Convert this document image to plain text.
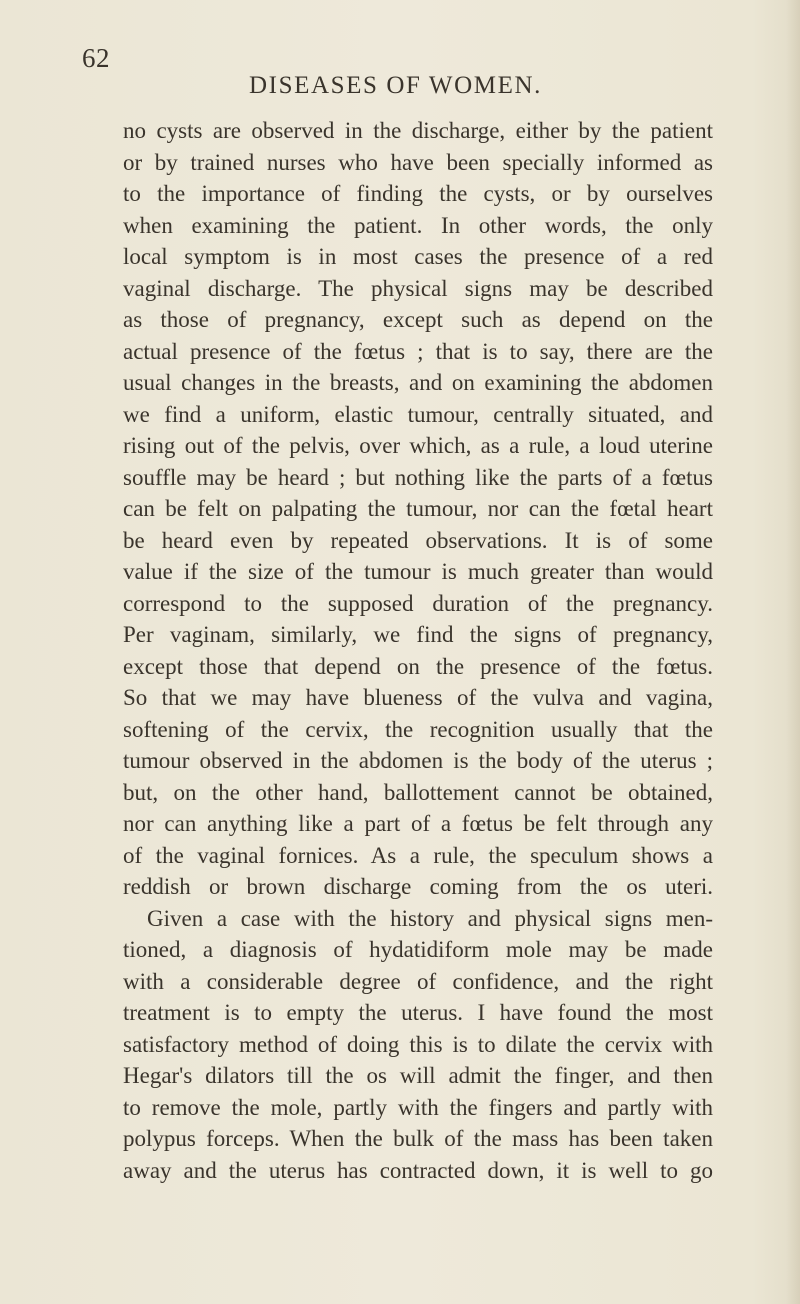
62
DISEASES OF WOMEN.
no cysts are observed in the discharge, either by the patient
or by trained nurses who have been specially informed as
to the importance of finding the cysts, or by ourselves
when examining the patient. In other words, the only
local symptom is in most cases the presence of a red
vaginal discharge. The physical signs may be described
as those of pregnancy, except such as depend on the
actual presence of the fœtus ; that is to say, there are the
usual changes in the breasts, and on examining the abdomen
we find a uniform, elastic tumour, centrally situated, and
rising out of the pelvis, over which, as a rule, a loud uterine
souffle may be heard ; but nothing like the parts of a fœtus
can be felt on palpating the tumour, nor can the fœtal heart
be heard even by repeated observations. It is of some
value if the size of the tumour is much greater than would
correspond to the supposed duration of the pregnancy.
Per vaginam, similarly, we find the signs of pregnancy,
except those that depend on the presence of the fœtus.
So that we may have blueness of the vulva and vagina,
softening of the cervix, the recognition usually that the
tumour observed in the abdomen is the body of the uterus ;
but, on the other hand, ballottement cannot be obtained,
nor can anything like a part of a fœtus be felt through any
of the vaginal fornices. As a rule, the speculum shows a
reddish or brown discharge coming from the os uteri.
Given a case with the history and physical signs men-
tioned, a diagnosis of hydatidiform mole may be made
with a considerable degree of confidence, and the right
treatment is to empty the uterus. I have found the most
satisfactory method of doing this is to dilate the cervix with
Hegar's dilators till the os will admit the finger, and then
to remove the mole, partly with the fingers and partly with
polypus forceps. When the bulk of the mass has been taken
away and the uterus has contracted down, it is well to go
